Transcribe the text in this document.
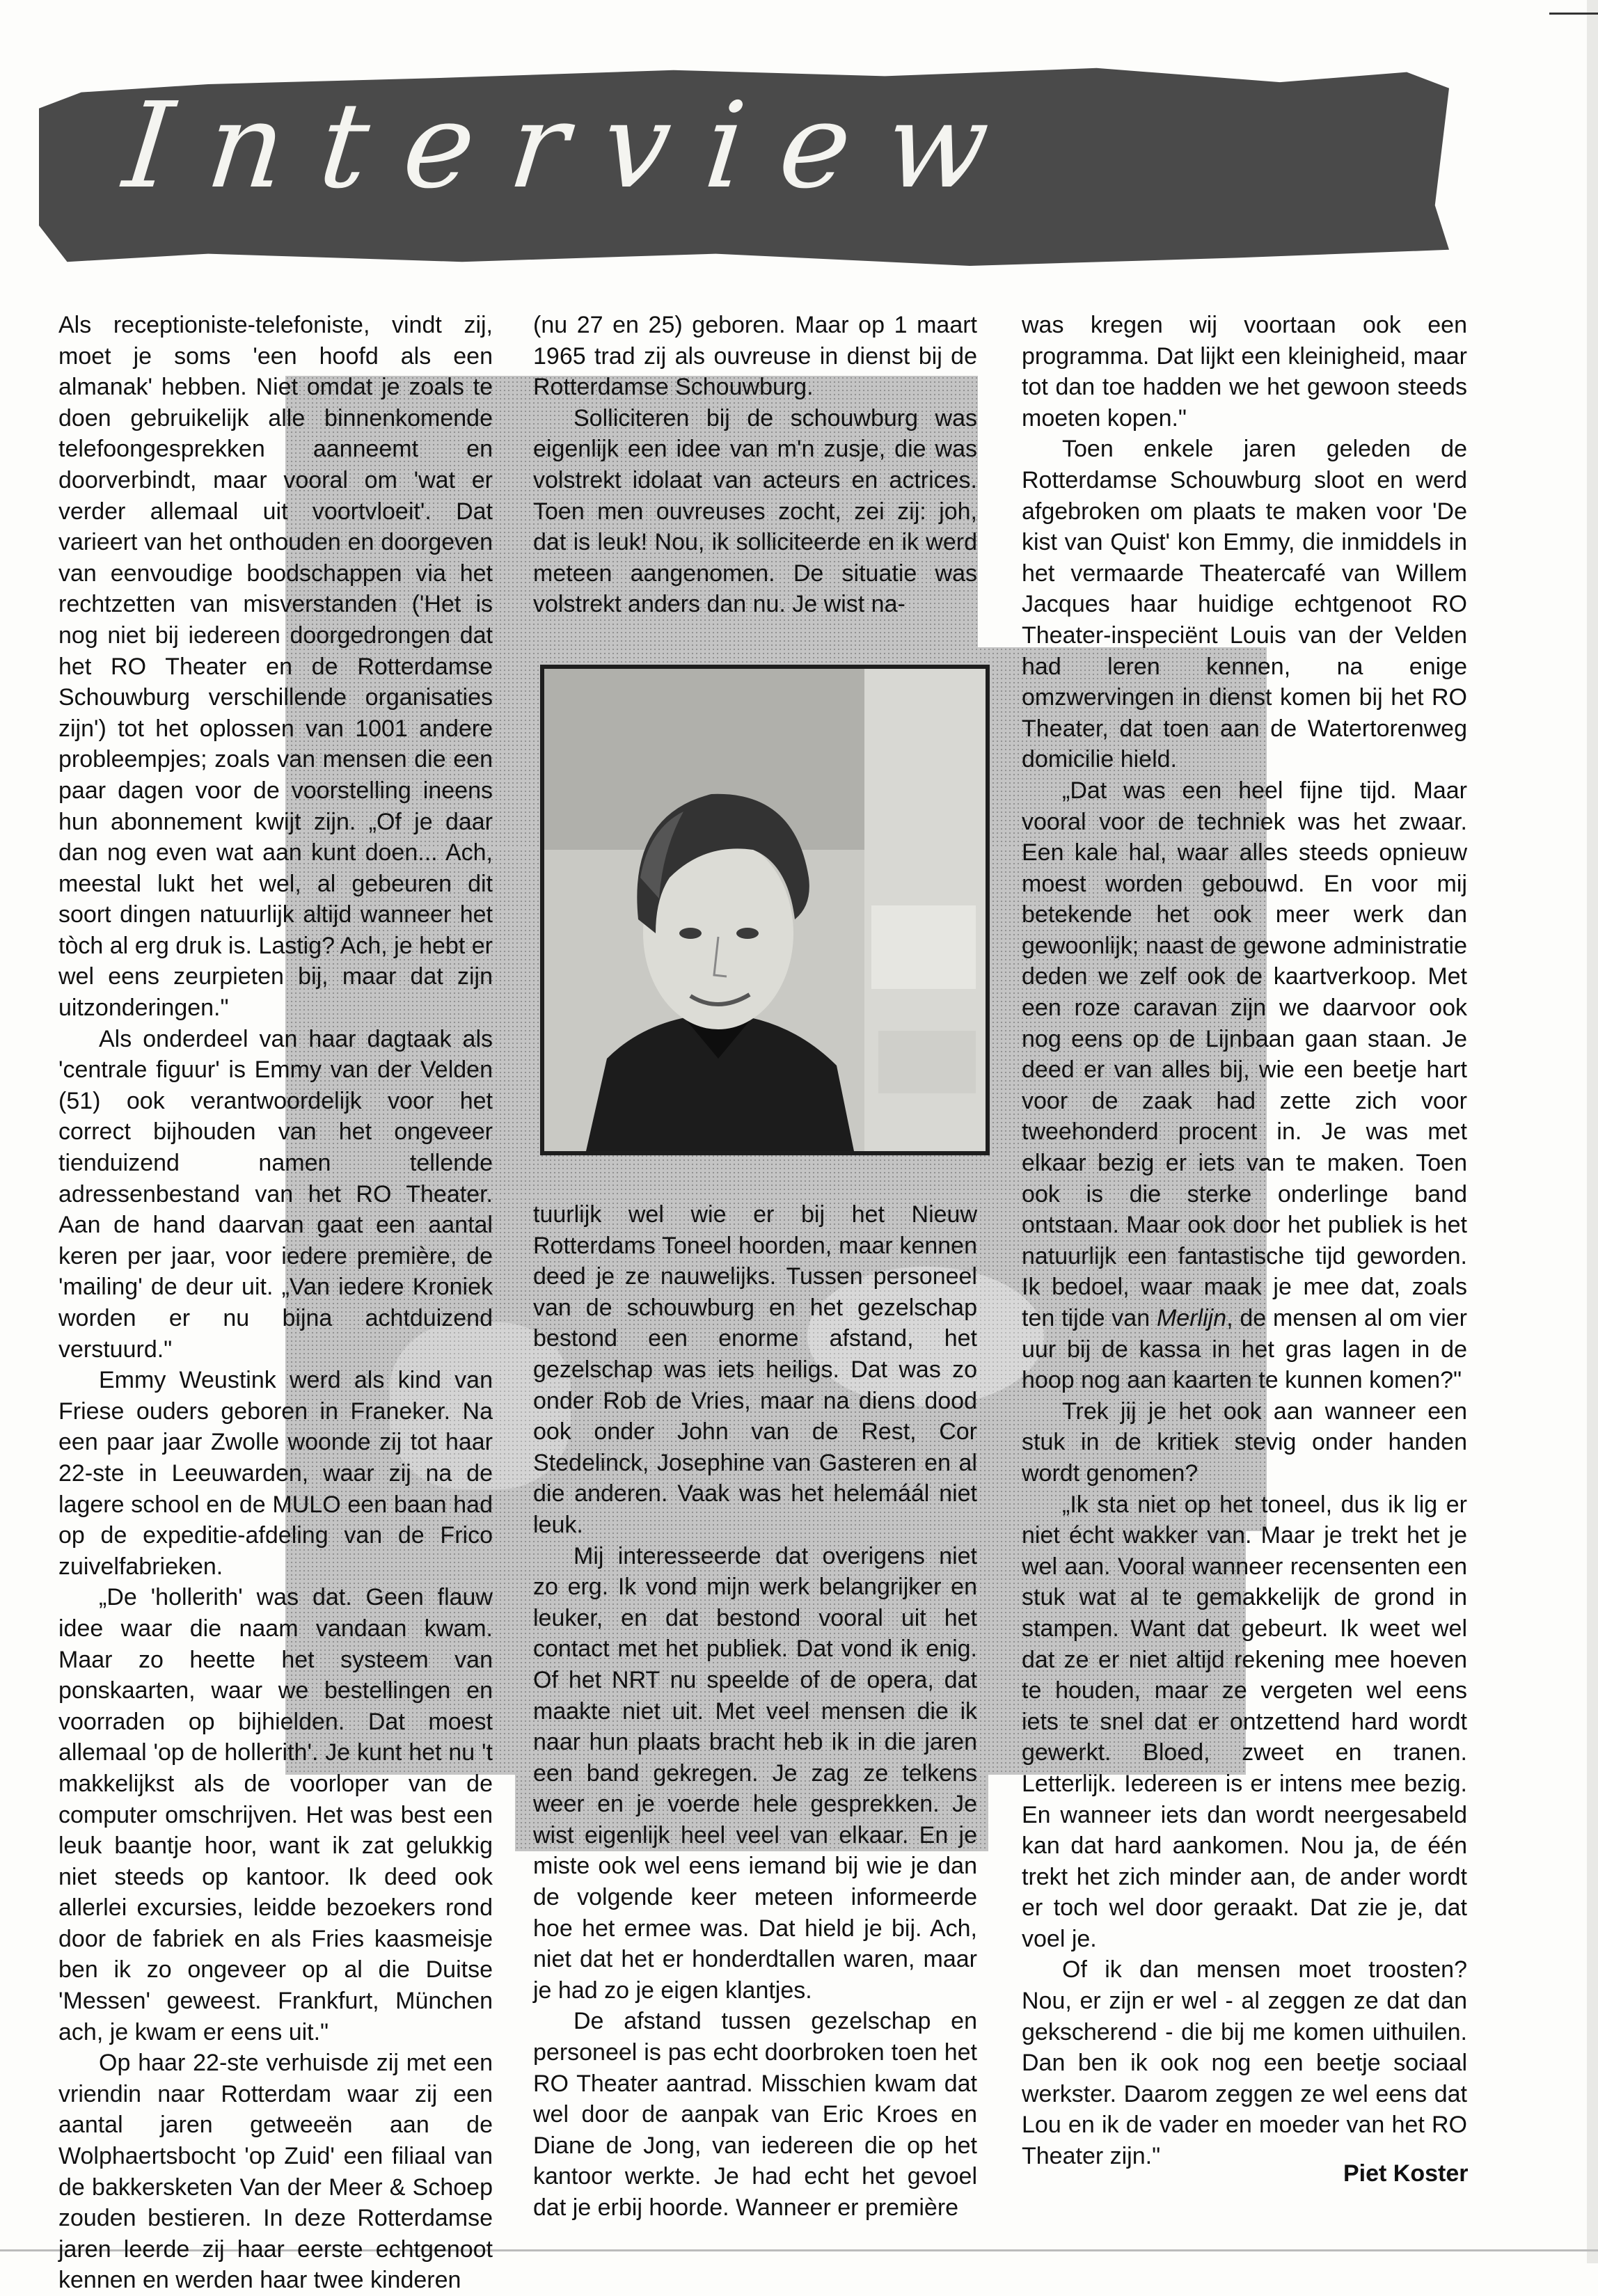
Interview

Als receptioniste-telefoniste, vindt zij, moet je soms 'een hoofd als een almanak' hebben. Niet omdat je zoals te doen gebruikelijk alle binnenkomende telefoongesprekken aanneemt en doorverbindt, maar vooral om 'wat er verder allemaal uit voortvloeit'. Dat varieert van het onthouden en doorgeven van eenvoudige boodschappen via het rechtzetten van misverstanden ('Het is nog niet bij iedereen doorgedrongen dat het RO Theater en de Rotterdamse Schouwburg verschillende organisaties zijn') tot het oplossen van 1001 andere probleempjes; zoals van mensen die een paar dagen voor de voorstelling ineens hun abonnement kwijt zijn. „Of je daar dan nog even wat aan kunt doen... Ach, meestal lukt het wel, al gebeuren dit soort dingen natuurlijk altijd wanneer het tòch al erg druk is. Lastig? Ach, je hebt er wel eens zeurpieten bij, maar dat zijn uitzonderingen."

Als onderdeel van haar dagtaak als 'centrale figuur' is Emmy van der Velden (51) ook verantwoordelijk voor het correct bijhouden van het ongeveer tienduizend namen tellende adressenbestand van het RO Theater. Aan de hand daarvan gaat een aantal keren per jaar, voor iedere première, de 'mailing' de deur uit. „Van iedere Kroniek worden er nu bijna achtduizend verstuurd."

Emmy Weustink werd als kind van Friese ouders geboren in Franeker. Na een paar jaar Zwolle woonde zij tot haar 22-ste in Leeuwarden, waar zij na de lagere school en de MULO een baan had op de expeditie-afdeling van de Frico zuivelfabrieken.

„De 'hollerith' was dat. Geen flauw idee waar die naam vandaan kwam. Maar zo heette het systeem van ponskaarten, waar we bestellingen en voorraden op bijhielden. Dat moest allemaal 'op de hollerith'. Je kunt het nu 't makkelijkst als de voorloper van de computer omschrijven. Het was best een leuk baantje hoor, want ik zat gelukkig niet steeds op kantoor. Ik deed ook allerlei excursies, leidde bezoekers rond door de fabriek en als Fries kaasmeisje ben ik zo ongeveer op al die Duitse 'Messen' geweest. Frankfurt, München ach, je kwam er eens uit."

Op haar 22-ste verhuisde zij met een vriendin naar Rotterdam waar zij een aantal jaren getweeën aan de Wolphaertsbocht 'op Zuid' een filiaal van de bakkersketen Van der Meer & Schoep zouden bestieren. In deze Rotterdamse jaren leerde zij haar eerste echtgenoot kennen en werden haar twee kinderen

(nu 27 en 25) geboren. Maar op 1 maart 1965 trad zij als ouvreuse in dienst bij de Rotterdamse Schouwburg.

Solliciteren bij de schouwburg was eigenlijk een idee van m'n zusje, die was volstrekt idolaat van acteurs en actrices. Toen men ouvreuses zocht, zei zij: joh, dat is leuk! Nou, ik solliciteerde en ik werd meteen aangenomen. De situatie was volstrekt anders dan nu. Je wist na-

tuurlijk wel wie er bij het Nieuw Rotterdams Toneel hoorden, maar kennen deed je ze nauwelijks. Tussen personeel van de schouwburg en het gezelschap bestond een enorme afstand, het gezelschap was iets heiligs. Dat was zo onder Rob de Vries, maar na diens dood ook onder John van de Rest, Cor Stedelinck, Josephine van Gasteren en al die anderen. Vaak was het helemáál niet leuk.

Mij interesseerde dat overigens niet zo erg. Ik vond mijn werk belangrijker en leuker, en dat bestond vooral uit het contact met het publiek. Dat vond ik enig. Of het NRT nu speelde of de opera, dat maakte niet uit. Met veel mensen die ik naar hun plaats bracht heb ik in die jaren een band gekregen. Je zag ze telkens weer en je voerde hele gesprekken. Je wist eigenlijk heel veel van elkaar. En je miste ook wel eens iemand bij wie je dan de volgende keer meteen informeerde hoe het ermee was. Dat hield je bij. Ach, niet dat het er honderdtallen waren, maar je had zo je eigen klantjes.

De afstand tussen gezelschap en personeel is pas echt doorbroken toen het RO Theater aantrad. Misschien kwam dat wel door de aanpak van Eric Kroes en Diane de Jong, van iedereen die op het kantoor werkte. Je had echt het gevoel dat je erbij hoorde. Wanneer er première

was kregen wij voortaan ook een programma. Dat lijkt een kleinigheid, maar tot dan toe hadden we het gewoon steeds moeten kopen."

Toen enkele jaren geleden de Rotterdamse Schouwburg sloot en werd afgebroken om plaats te maken voor 'De kist van Quist' kon Emmy, die inmiddels in het vermaarde Theatercafé van Willem Jacques haar huidige echtgenoot RO Theater-inspeciënt Louis van der Velden had leren kennen, na enige omzwervingen in dienst komen bij het RO Theater, dat toen aan de Watertorenweg domicilie hield.

„Dat was een heel fijne tijd. Maar vooral voor de techniek was het zwaar. Een kale hal, waar alles steeds opnieuw moest worden gebouwd. En voor mij betekende het ook meer werk dan gewoonlijk; naast de gewone administratie deden we zelf ook de kaartverkoop. Met een roze caravan zijn we daarvoor ook nog eens op de Lijnbaan gaan staan. Je deed er van alles bij, wie een beetje hart voor de zaak had zette zich voor tweehonderd procent in. Je was met elkaar bezig er iets van te maken. Toen ook is die sterke onderlinge band ontstaan. Maar ook door het publiek is het natuurlijk een fantastische tijd geworden. Ik bedoel, waar maak je mee dat, zoals ten tijde van Merlijn, de mensen al om vier uur bij de kassa in het gras lagen in de hoop nog aan kaarten te kunnen komen?"

Trek jij je het ook aan wanneer een stuk in de kritiek stevig onder handen wordt genomen?

„Ik sta niet op het toneel, dus ik lig er niet écht wakker van. Maar je trekt het je wel aan. Vooral wanneer recensenten een stuk wat al te gemakkelijk de grond in stampen. Want dat gebeurt. Ik weet wel dat ze er niet altijd rekening mee hoeven te houden, maar ze vergeten wel eens iets te snel dat er ontzettend hard wordt gewerkt. Bloed, zweet en tranen. Letterlijk. Iedereen is er intens mee bezig. En wanneer iets dan wordt neergesabeld kan dat hard aankomen. Nou ja, de één trekt het zich minder aan, de ander wordt er toch wel door geraakt. Dat zie je, dat voel je.

Of ik dan mensen moet troosten? Nou, er zijn er wel - al zeggen ze dat dan gekscherend - die bij me komen uithuilen. Dan ben ik ook nog een beetje sociaal werkster. Daarom zeggen ze wel eens dat Lou en ik de vader en moeder van het RO Theater zijn."

Piet Koster
